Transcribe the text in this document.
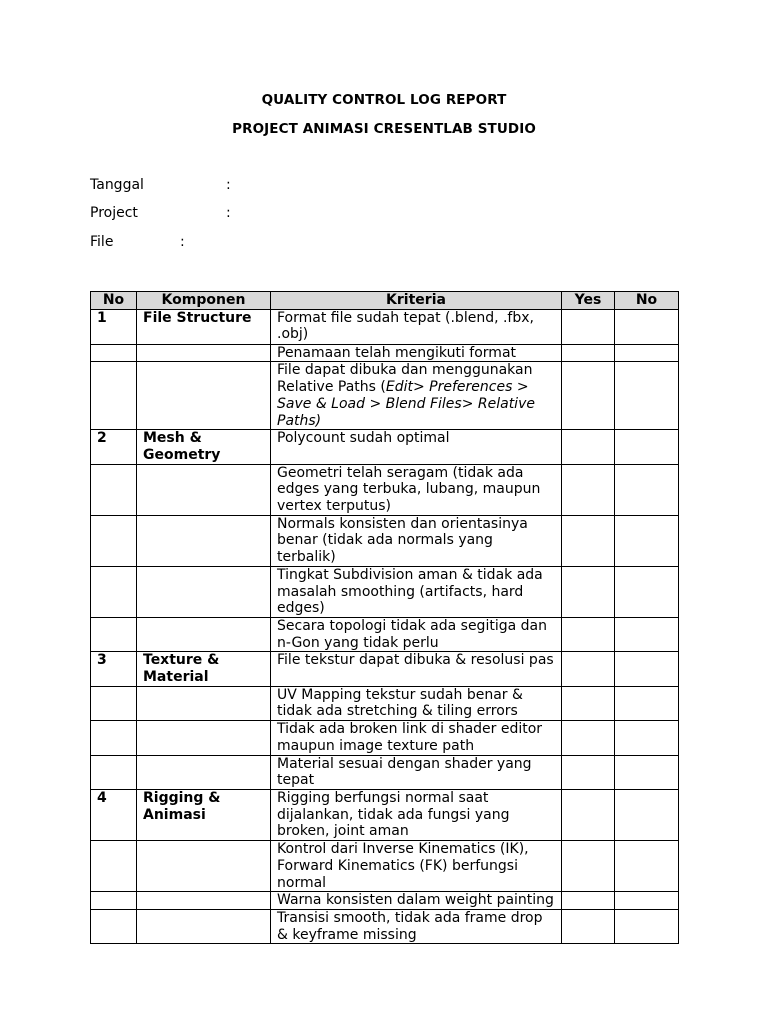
QUALITY CONTROL LOG REPORT
PROJECT ANIMASI CRESENTLAB STUDIO
Tanggal	:
Project	:
File	:
No	Komponen	Kriteria	Yes	No
1	File Structure	Format file sudah tepat (.blend, .fbx, .obj)		
		Penamaan telah mengikuti format		
		File dapat dibuka dan menggunakan Relative Paths (Edit> Preferences > Save & Load > Blend Files> Relative Paths)		
2	Mesh & Geometry	Polycount sudah optimal		
		Geometri telah seragam (tidak ada edges yang terbuka, lubang, maupun vertex terputus)		
		Normals konsisten dan orientasinya benar (tidak ada normals yang terbalik)		
		Tingkat Subdivision aman & tidak ada masalah smoothing (artifacts, hard edges)		
		Secara topologi tidak ada segitiga dan n-Gon yang tidak perlu		
3	Texture & Material	File tekstur dapat dibuka & resolusi pas		
		UV Mapping tekstur sudah benar & tidak ada stretching & tiling errors		
		Tidak ada broken link di shader editor maupun image texture path		
		Material sesuai dengan shader yang tepat		
4	Rigging & Animasi	Rigging berfungsi normal saat dijalankan, tidak ada fungsi yang broken, joint aman		
		Kontrol dari Inverse Kinematics (IK), Forward Kinematics (FK) berfungsi normal		
		Warna konsisten dalam weight painting		
		Transisi smooth, tidak ada frame drop & keyframe missing		
